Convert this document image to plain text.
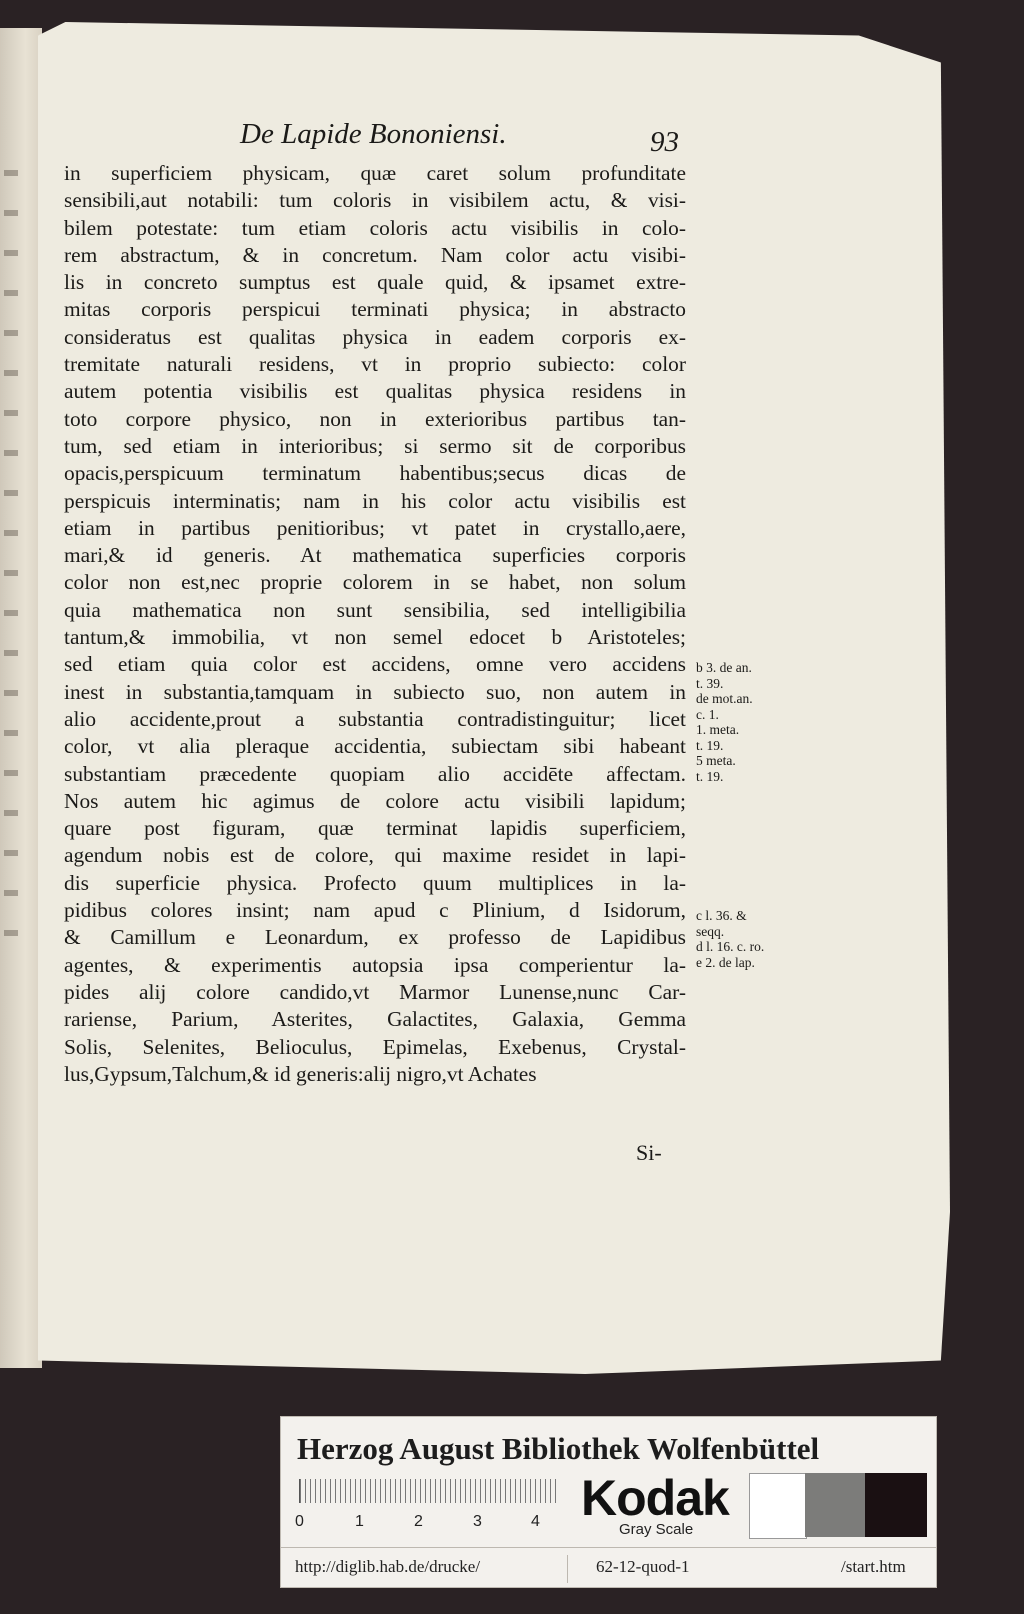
De Lapide Bononiensi.	93
in superficiem physicam, quæ caret solum profunditate
sensibili,aut notabili: tum coloris in visibilem actu, & visi-
bilem potestate: tum etiam coloris actu visibilis in colo-
rem abstractum, & in concretum. Nam color actu visibi-
lis in concreto sumptus est quale quid, & ipsamet extre-
mitas corporis perspicui terminati physica; in abstracto
consideratus est qualitas physica in eadem corporis ex-
tremitate naturali residens, vt in proprio subiecto: color
autem potentia visibilis est qualitas physica residens in
toto corpore physico, non in exterioribus partibus tan-
tum, sed etiam in interioribus; si sermo sit de corporibus
opacis,perspicuum terminatum habentibus;secus dicas de
perspicuis interminatis; nam in his color actu visibilis est
etiam in partibus penitioribus; vt patet in crystallo,aere,
mari,& id generis. At mathematica superficies corporis
color non est,nec proprie colorem in se habet, non solum
quia mathematica non sunt sensibilia, sed intelligibilia
tantum,& immobilia, vt non semel edocet b Aristoteles;
sed etiam quia color est accidens, omne vero accidens
inest in substantia,tamquam in subiecto suo, non autem in
alio accidente,prout a substantia contradistinguitur; licet
color, vt alia pleraque accidentia, subiectam sibi habeant
substantiam præcedente quopiam alio accidēte affectam.
Nos autem hic agimus de colore actu visibili lapidum;
quare post figuram, quæ terminat lapidis superficiem,
agendum nobis est de colore, qui maxime residet in lapi-
dis superficie physica. Profecto quum multiplices in la-
pidibus colores insint; nam apud c Plinium, d Isidorum,
& Camillum e Leonardum, ex professo de Lapidibus
agentes, & experimentis autopsia ipsa comperientur la-
pides alij colore candido,vt Marmor Lunense,nunc Car-
rariense, Parium, Asterites, Galactites, Galaxia, Gemma
Solis, Selenites, Belioculus, Epimelas, Exebenus, Crystal-
lus,Gypsum,Talchum,& id generis:alij nigro,vt Achates
b 3. de an.
t. 39.
de mot.an.
c. 1.
1. meta.
t. 19.
5 meta.
t. 19.

c l. 36. &
seqq.
d l. 16. c. ro.
e 2. de lap.
Si-
Herzog August Bibliothek Wolfenbüttel
0	1	2	3	4 Kodak
Gray Scale
http://diglib.hab.de/drucke/	62-12-quod-1	/start.htm
